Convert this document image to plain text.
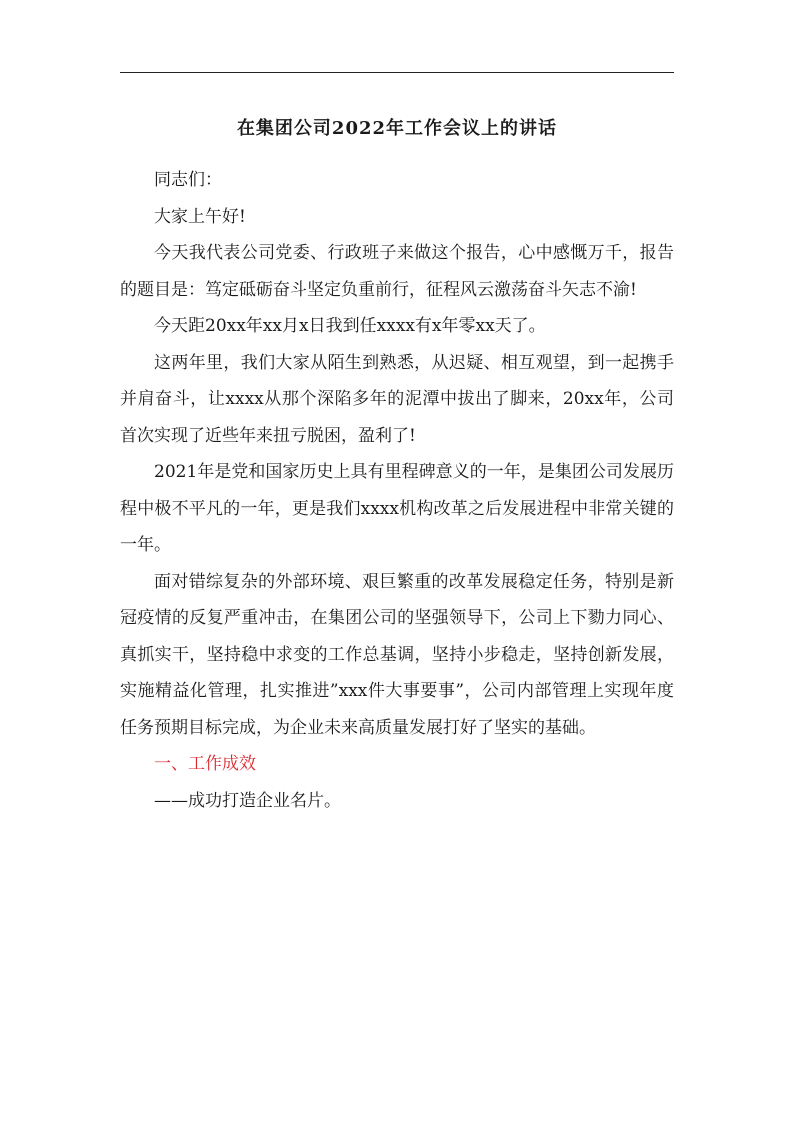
在集团公司2022年工作会议上的讲话

同志们：

大家上午好!

今天我代表公司党委、行政班子来做这个报告，心中感慨万千，报告的题目是：笃定砥砺奋斗坚定负重前行，征程风云激荡奋斗矢志不渝!

今天距20xx年xx月x日我到任xxxx有x年零xx天了。

这两年里，我们大家从陌生到熟悉，从迟疑、相互观望，到一起携手并肩奋斗，让xxxx从那个深陷多年的泥潭中拔出了脚来，20xx年，公司首次实现了近些年来扭亏脱困，盈利了!

2021年是党和国家历史上具有里程碑意义的一年，是集团公司发展历程中极不平凡的一年，更是我们xxxx机构改革之后发展进程中非常关键的一年。

面对错综复杂的外部环境、艰巨繁重的改革发展稳定任务，特别是新冠疫情的反复严重冲击，在集团公司的坚强领导下，公司上下勠力同心、真抓实干，坚持稳中求变的工作总基调，坚持小步稳走，坚持创新发展，实施精益化管理，扎实推进”xxx件大事要事”，公司内部管理上实现年度任务预期目标完成，为企业未来高质量发展打好了坚实的基础。

一、工作成效

——成功打造企业名片。
